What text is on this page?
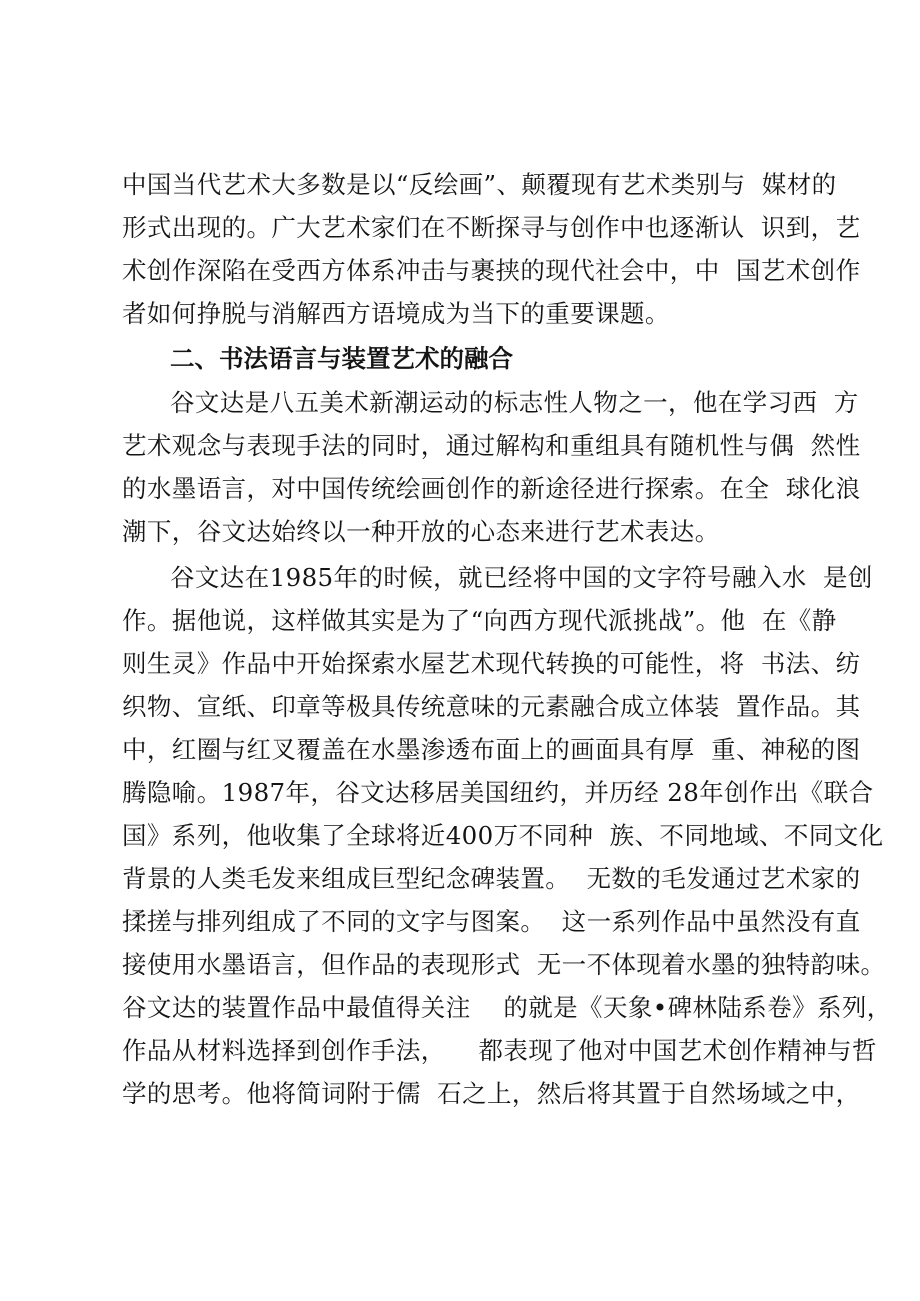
中国当代艺术大多数是以“反绘画”、颠覆现有艺术类别与  媒材的

形式出现的。广大艺术家们在不断探寻与创作中也逐渐认  识到，艺

术创作深陷在受西方体系冲击与裹挟的现代社会中，中  国艺术创作

者如何挣脱与消解西方语境成为当下的重要课题。

二、书法语言与装置艺术的融合

谷文达是八五美术新潮运动的标志性人物之一，他在学习西  方

艺术观念与表现手法的同时，通过解构和重组具有随机性与偶  然性

的水墨语言，对中国传统绘画创作的新途径进行探索。在全  球化浪

潮下，谷文达始终以一种开放的心态来进行艺术表达。

谷文达在1985年的时候，就已经将中国的文字符号融入水  是创

作。据他说，这样做其实是为了“向西方现代派挑战”。他  在《静

则生灵》作品中开始探索水屋艺术现代转换的可能性，将  书法、纺

织物、宣纸、印章等极具传统意味的元素融合成立体装  置作品。其

中，红圈与红叉覆盖在水墨渗透布面上的画面具有厚  重、神秘的图

腾隐喻。1987年，谷文达移居美国纽约，并历经 28年创作出《联合

国》系列，他收集了全球将近400万不同种  族、不同地域、不同文化

背景的人类毛发来组成巨型纪念碑装置。  无数的毛发通过艺术家的

揉搓与排列组成了不同的文字与图案。  这一系列作品中虽然没有直

接使用水墨语言，但作品的表现形式  无一不体现着水墨的独特韵味。

谷文达的装置作品中最值得关注    的就是《天象•碑林陆系卷》系列，

作品从材料选择到创作手法，    都表现了他对中国艺术创作精神与哲

学的思考。他将简词附于儒  石之上，然后将其置于自然场域之中，
